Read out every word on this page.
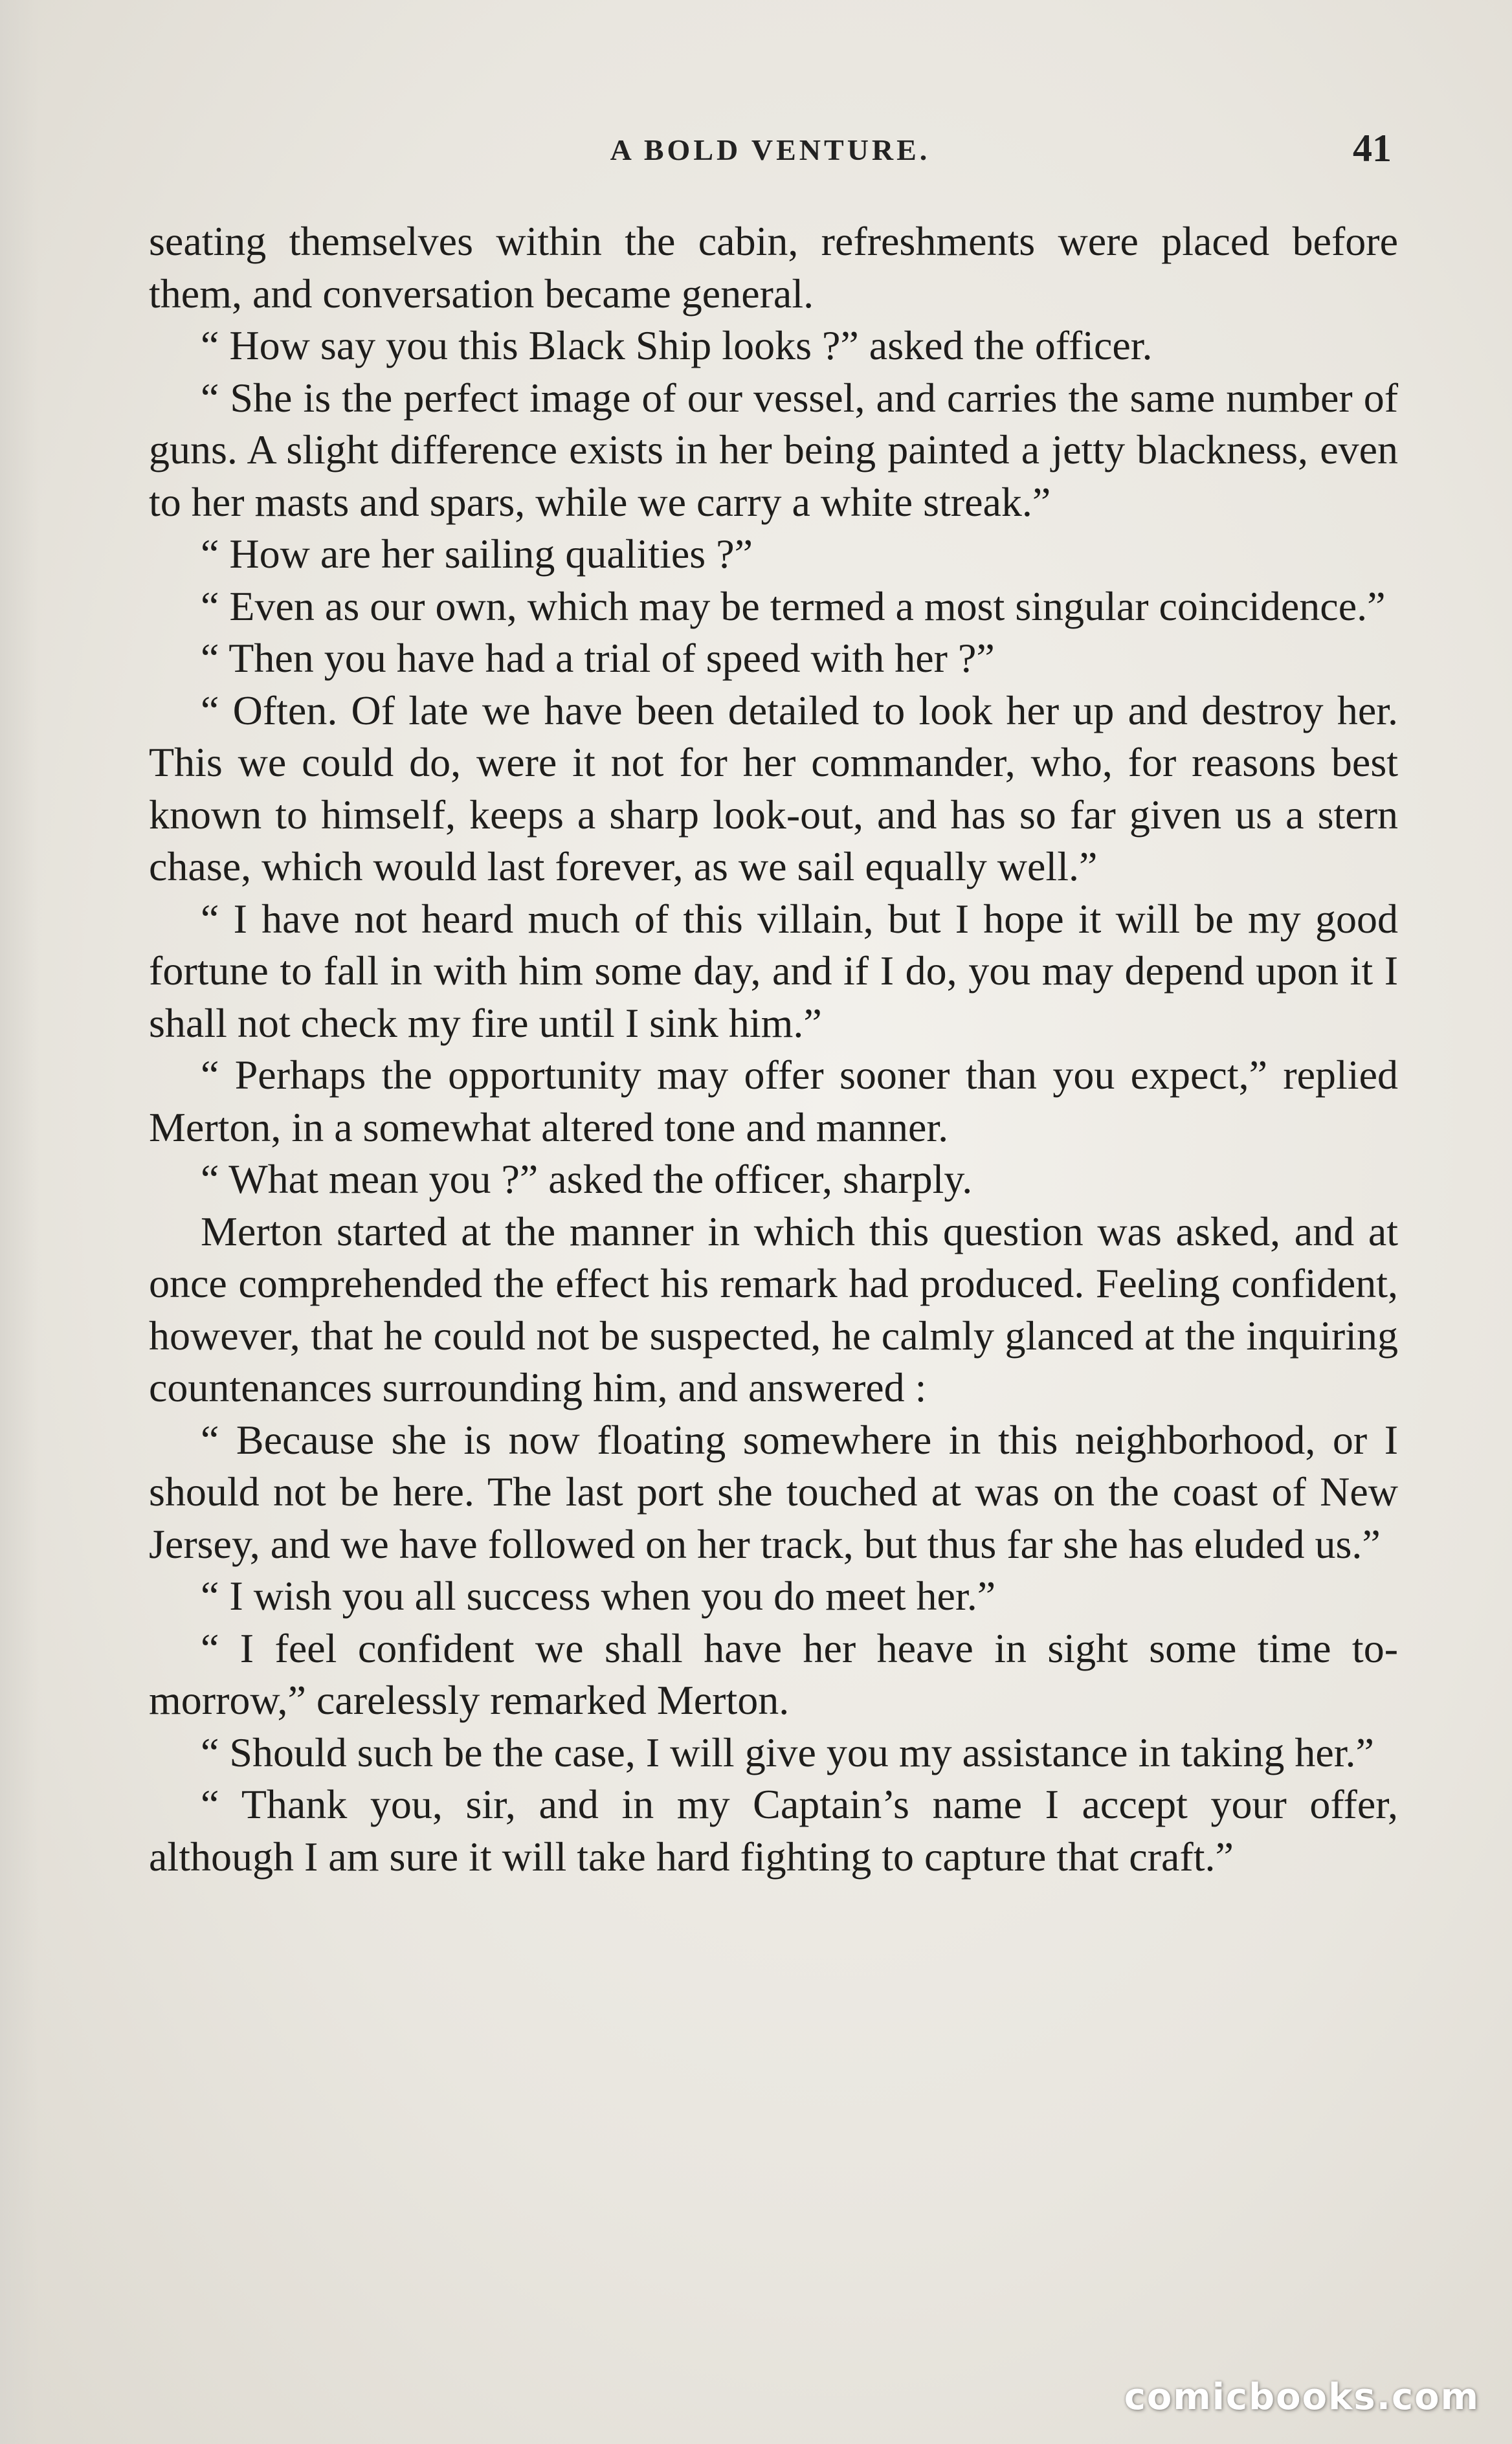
A BOLD VENTURE.	41

seating themselves within the cabin, refreshments were placed before them, and conversation became general.

“ How say you this Black Ship looks ?” asked the officer.

“ She is the perfect image of our vessel, and carries the same number of guns. A slight difference exists in her being painted a jetty blackness, even to her masts and spars, while we carry a white streak.”

“ How are her sailing qualities ?”

“ Even as our own, which may be termed a most singular coincidence.”

“ Then you have had a trial of speed with her ?”

“ Often. Of late we have been detailed to look her up and destroy her. This we could do, were it not for her commander, who, for reasons best known to himself, keeps a sharp look-out, and has so far given us a stern chase, which would last forever, as we sail equally well.”

“ I have not heard much of this villain, but I hope it will be my good fortune to fall in with him some day, and if I do, you may depend upon it I shall not check my fire until I sink him.”

“ Perhaps the opportunity may offer sooner than you expect,” replied Merton, in a somewhat altered tone and manner.

“ What mean you ?” asked the officer, sharply.

Merton started at the manner in which this question was asked, and at once comprehended the effect his remark had produced. Feeling confident, however, that he could not be suspected, he calmly glanced at the inquiring countenances surrounding him, and answered :

“ Because she is now floating somewhere in this neighborhood, or I should not be here. The last port she touched at was on the coast of New Jersey, and we have followed on her track, but thus far she has eluded us.”

“ I wish you all success when you do meet her.”

“ I feel confident we shall have her heave in sight some time to-morrow,” carelessly remarked Merton.

“ Should such be the case, I will give you my assistance in taking her.”

“ Thank you, sir, and in my Captain’s name I accept your offer, although I am sure it will take hard fighting to capture that craft.”

comicbooks.com
